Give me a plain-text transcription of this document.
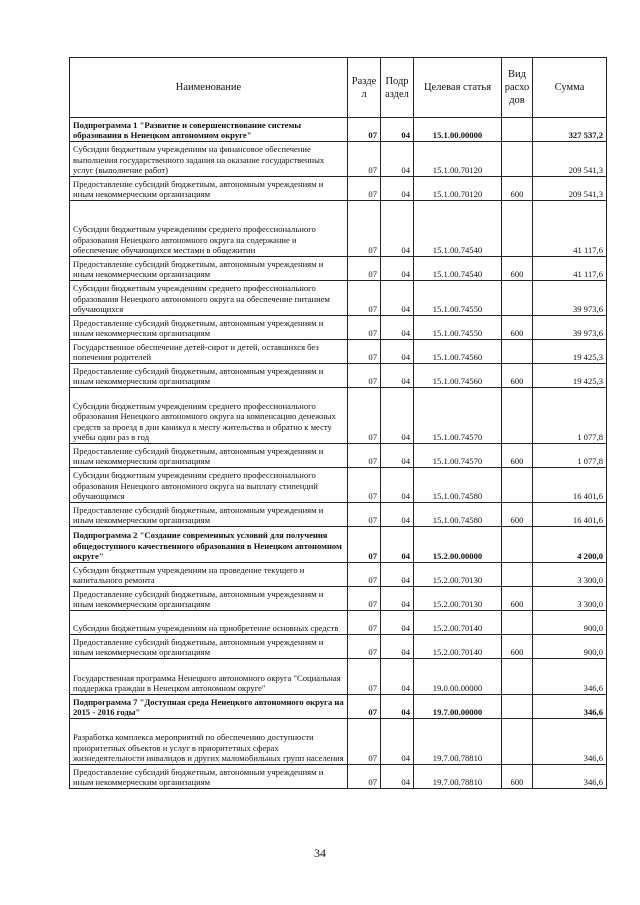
Наименование	Разде л	Подр аздел	Целевая статья	Вид расхо дов	Сумма
Подпрограмма 1 "Развитие и совершенствование системы образования в Ненецком автономном округе"	07	04	15.1.00.00000		327 537,2
Субсидии бюджетным учреждениям на финансовое обеспечение выполнения государственного задания на оказание государственных услуг (выполнение работ)	07	04	15.1.00.70120		209 541,3
Предоставление субсидий бюджетным, автономным учреждениям и иным некоммерческим организациям	07	04	15.1.00.70120	600	209 541,3
Субсидии бюджетным учреждениям среднего профессионального образования Ненецкого автономного округа на содержание и обеспечение обучающихся местами в общежитии	07	04	15.1.00.74540		41 117,6
Предоставление субсидий бюджетным, автономным учреждениям и иным некоммерческим организациям	07	04	15.1.00.74540	600	41 117,6
Субсидии бюджетным учреждениям среднего профессионального образования Ненецкого автономного округа на обеспечение питанием обучающихся	07	04	15.1.00.74550		39 973,6
Предоставление субсидий бюджетным, автономным учреждениям и иным некоммерческим организациям	07	04	15.1.00.74550	600	39 973,6
Государственное обеспечение детей-сирот и детей, оставшихся без попечения родителей	07	04	15.1.00.74560		19 425,3
Предоставление субсидий бюджетным, автономным учреждениям и иным некоммерческим организациям	07	04	15.1.00.74560	600	19 425,3
Субсидии бюджетным учреждениям среднего профессионального образования Ненецкого автономного округа на компенсацию денежных средств за проезд в дни каникул к месту жительства и обратно к месту учёбы один раз в год	07	04	15.1.00.74570		1 077,8
Предоставление субсидий бюджетным, автономным учреждениям и иным некоммерческим организациям	07	04	15.1.00.74570	600	1 077,8
Субсидии бюджетным учреждениям среднего профессионального образования Ненецкого автономного округа на выплату стипендий обучающимся	07	04	15.1.00.74580		16 401,6
Предоставление субсидий бюджетным, автономным учреждениям и иным некоммерческим организациям	07	04	15.1.00.74580	600	16 401,6
Подпрограмма 2 "Создание современных условий для получения общедоступного качественного образования в Ненецком автономном округе"	07	04	15.2.00.00000		4 200,0
Субсидии бюджетным учреждениям на проведение текущего и капитального ремонта	07	04	15.2.00.70130		3 300,0
Предоставление субсидий бюджетным, автономным учреждениям и иным некоммерческим организациям	07	04	15.2.00.70130	600	3 300,0
Субсидии бюджетным учреждениям на приобретение основных средств	07	04	15.2.00.70140		900,0
Предоставление субсидий бюджетным, автономным учреждениям и иным некоммерческим организациям	07	04	15.2.00.70140	600	900,0
Государственная программа Ненецкого автономного округа "Социальная поддержка граждан в Ненецком автономном округе"	07	04	19.0.00.00000		346,6
Подпрограмма 7 "Доступная среда Ненецкого автономного округа на 2015 - 2016 годы"	07	04	19.7.00.00000		346,6
Разработка комплекса мероприятий по обеспечению доступности приоритетных объектов и услуг в приоритетных сферах жизнедеятельности инвалидов и других маломобильных групп населения	07	04	19.7.00.78810		346,6
Предоставление субсидий бюджетным, автономным учреждениям и иным некоммерческим организациям	07	04	19.7.00.78810	600	346,6
34
